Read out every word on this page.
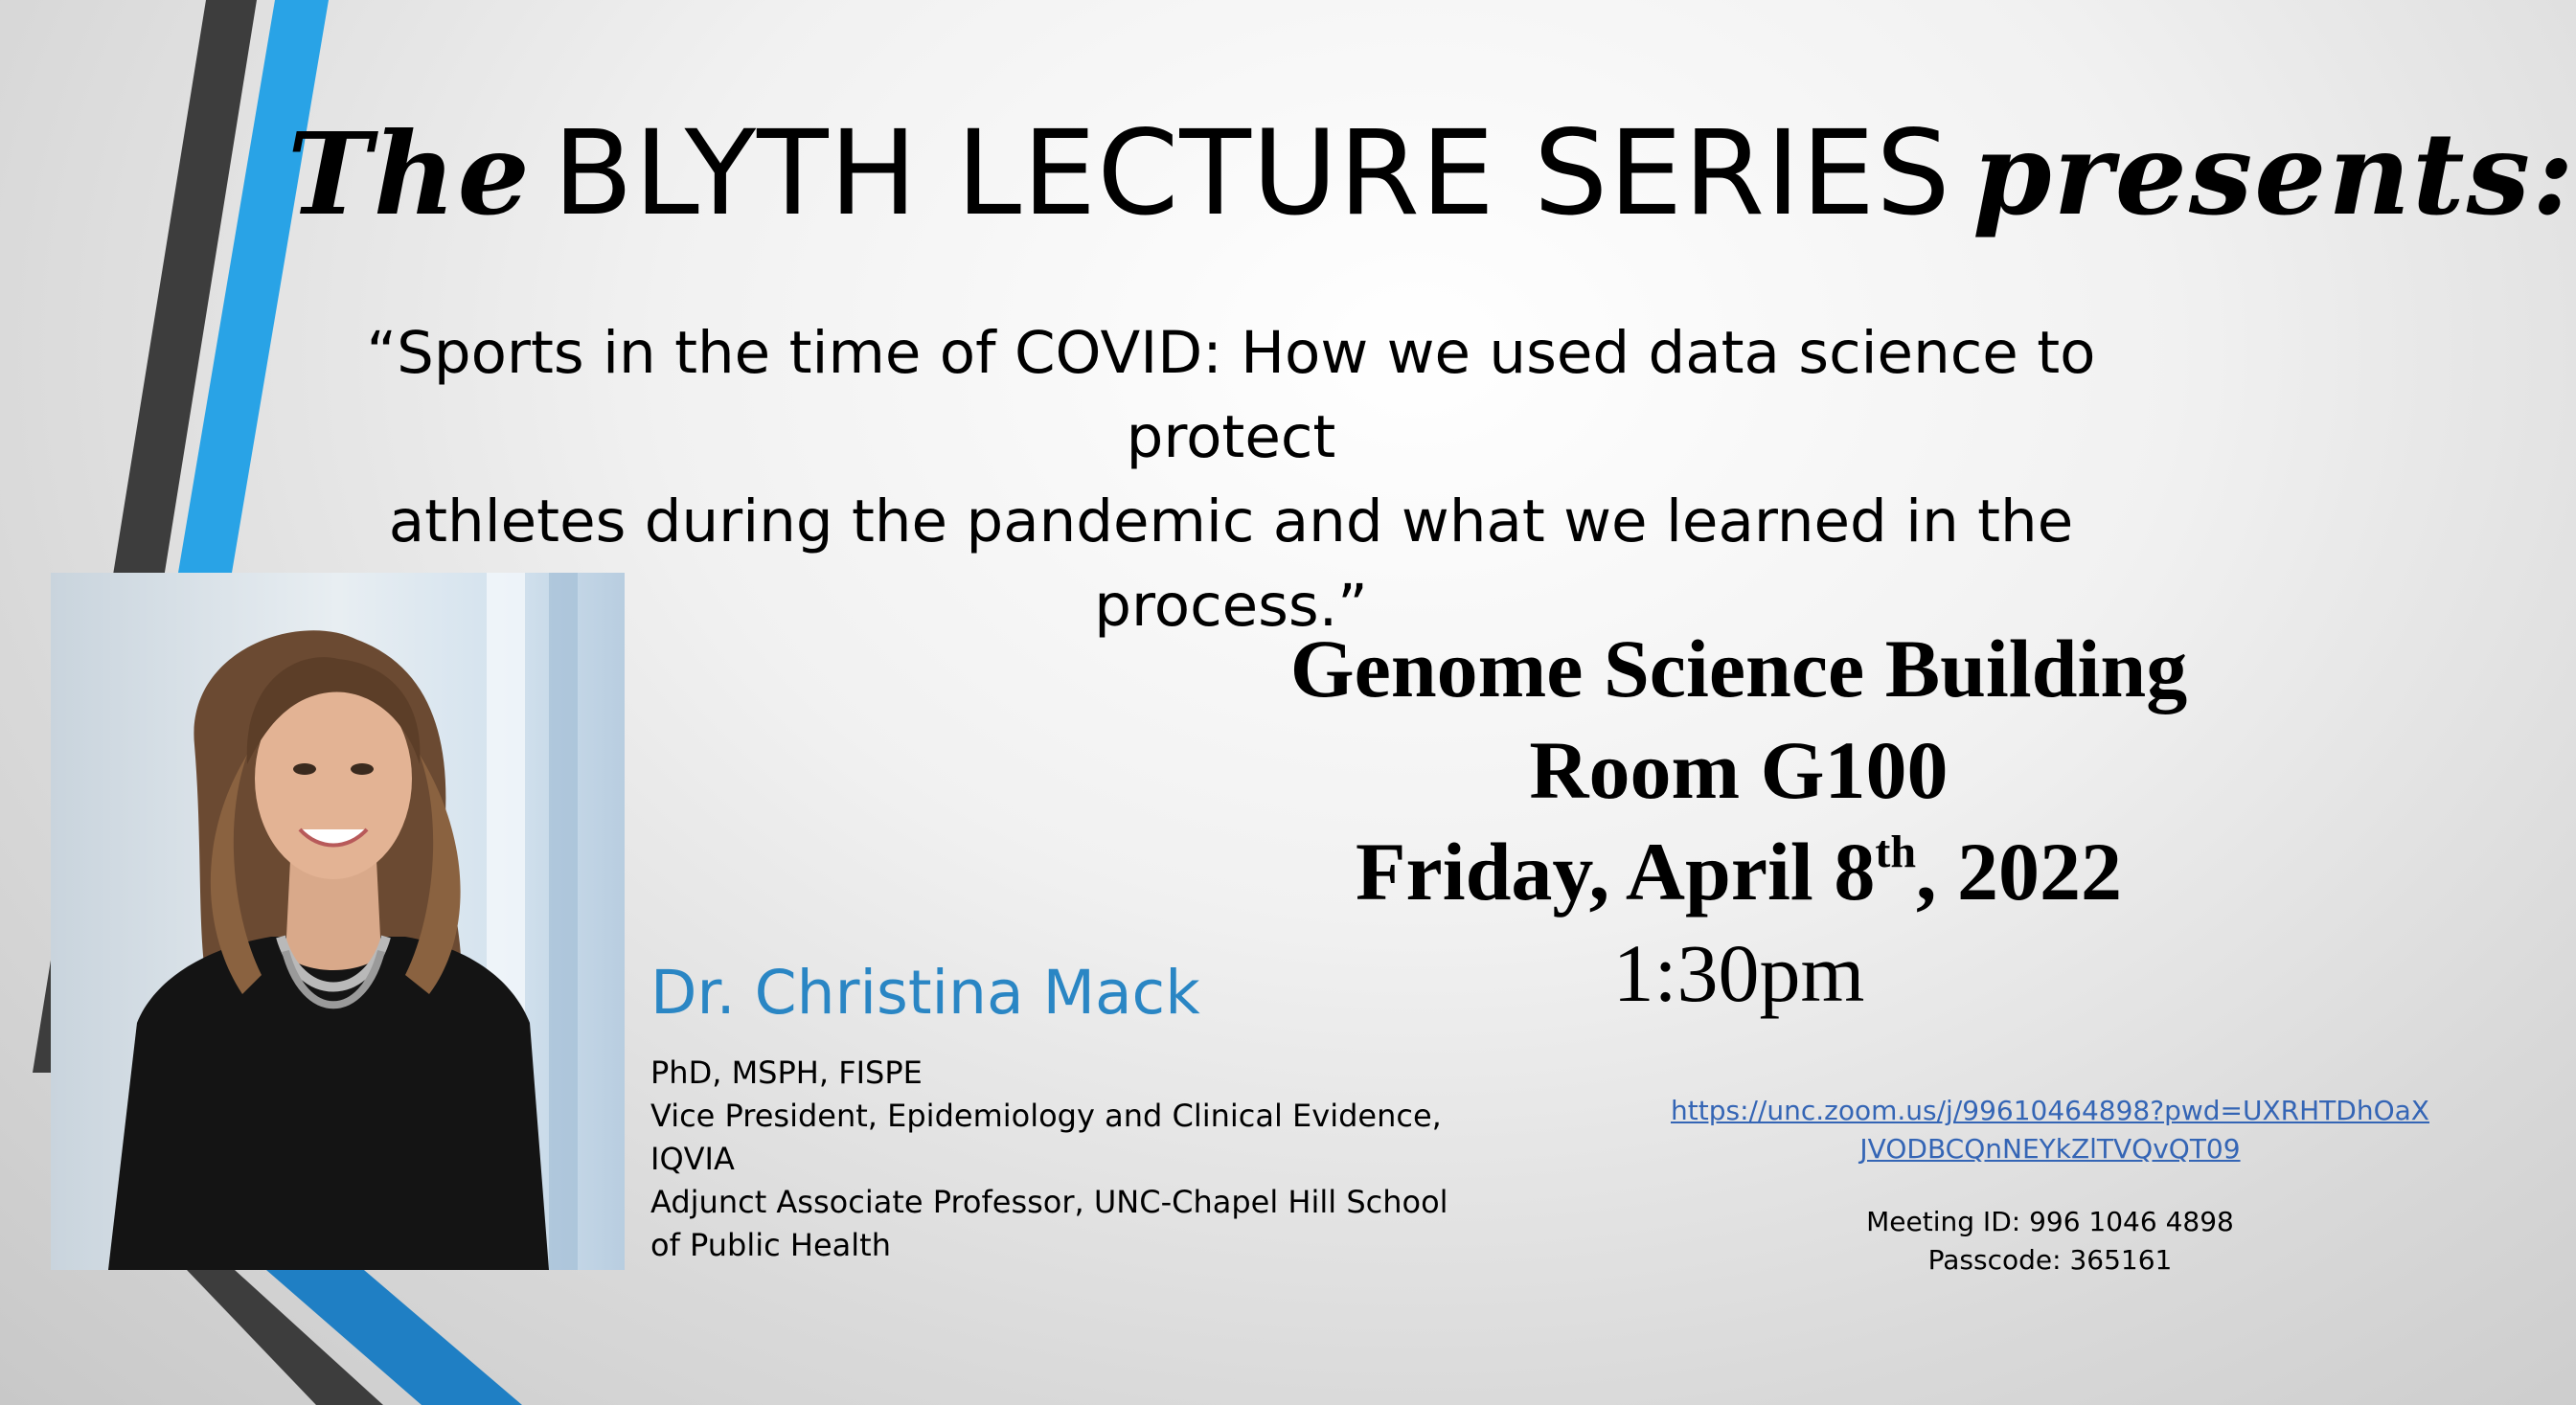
The BLYTH LECTURE SERIES presents:
“Sports in the time of COVID: How we used data science to protect
athletes during the pandemic and what we learned in the
process.”
Dr. Christina Mack
PhD, MSPH, FISPE
Vice President, Epidemiology and Clinical Evidence,
IQVIA
Adjunct Associate Professor, UNC-Chapel Hill School
of Public Health
Genome Science Building
Room G100
Friday, April 8th, 2022
1:30pm
https://unc.zoom.us/j/99610464898?pwd=UXRHTDhOaX
JVODBCQnNEYkZlTVQvQT09
Meeting ID: 996 1046 4898
Passcode: 365161
